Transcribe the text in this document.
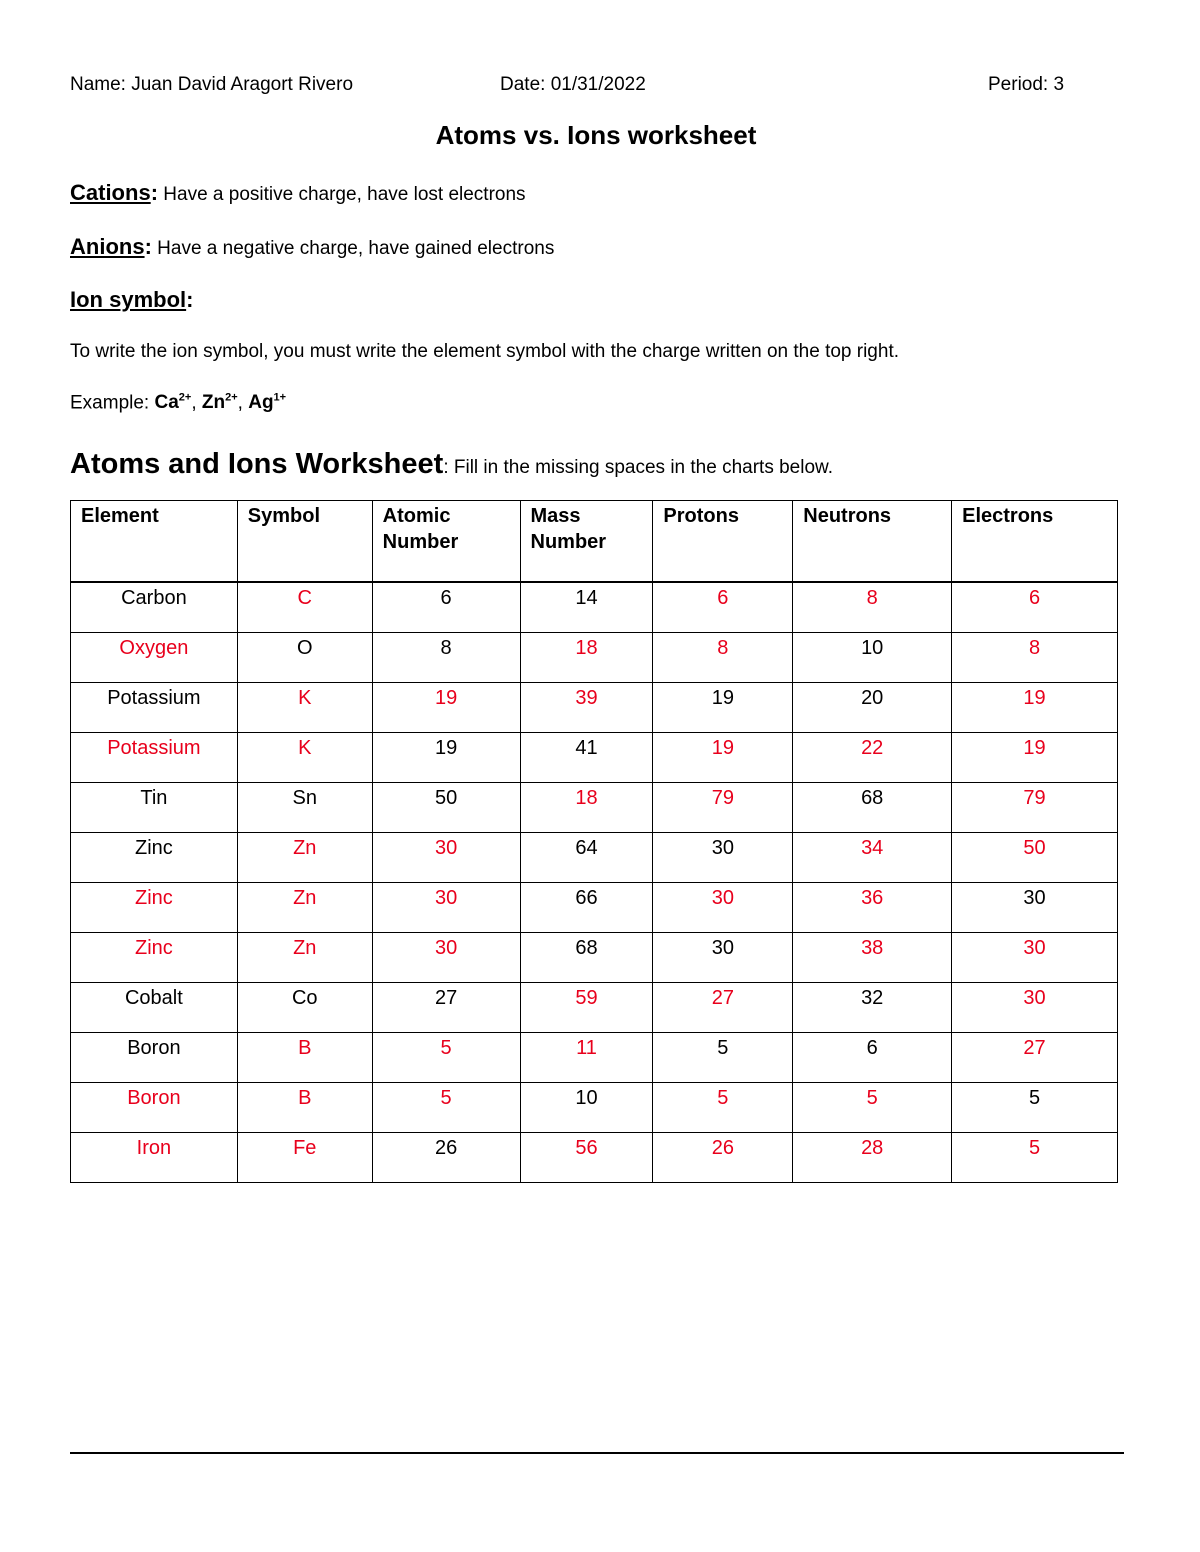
Name: Juan David Aragort Rivero	Date: 01/31/2022	Period: 3
Atoms vs. Ions worksheet
Cations: Have a positive charge, have lost electrons
Anions: Have a negative charge, have gained electrons
Ion symbol:
To write the ion symbol, you must write the element symbol with the charge written on the top right.
Example: $Ca^{2+}$, $Zn^{2+}$, $Ag^{1+}$
Atoms and Ions Worksheet: Fill in the missing spaces in the charts below.
Element	Symbol	Atomic Number	Mass Number	Protons	Neutrons	Electrons
Carbon	C	6	14	6	8	6
Oxygen	O	8	18	8	10	8
Potassium	K	19	39	19	20	19
Potassium	K	19	41	19	22	19
Tin	Sn	50	18	79	68	79
Zinc	Zn	30	64	30	34	50
Zinc	Zn	30	66	30	36	30
Zinc	Zn	30	68	30	38	30
Cobalt	Co	27	59	27	32	30
Boron	B	5	11	5	6	27
Boron	B	5	10	5	5	5
Iron	Fe	26	56	26	28	5
